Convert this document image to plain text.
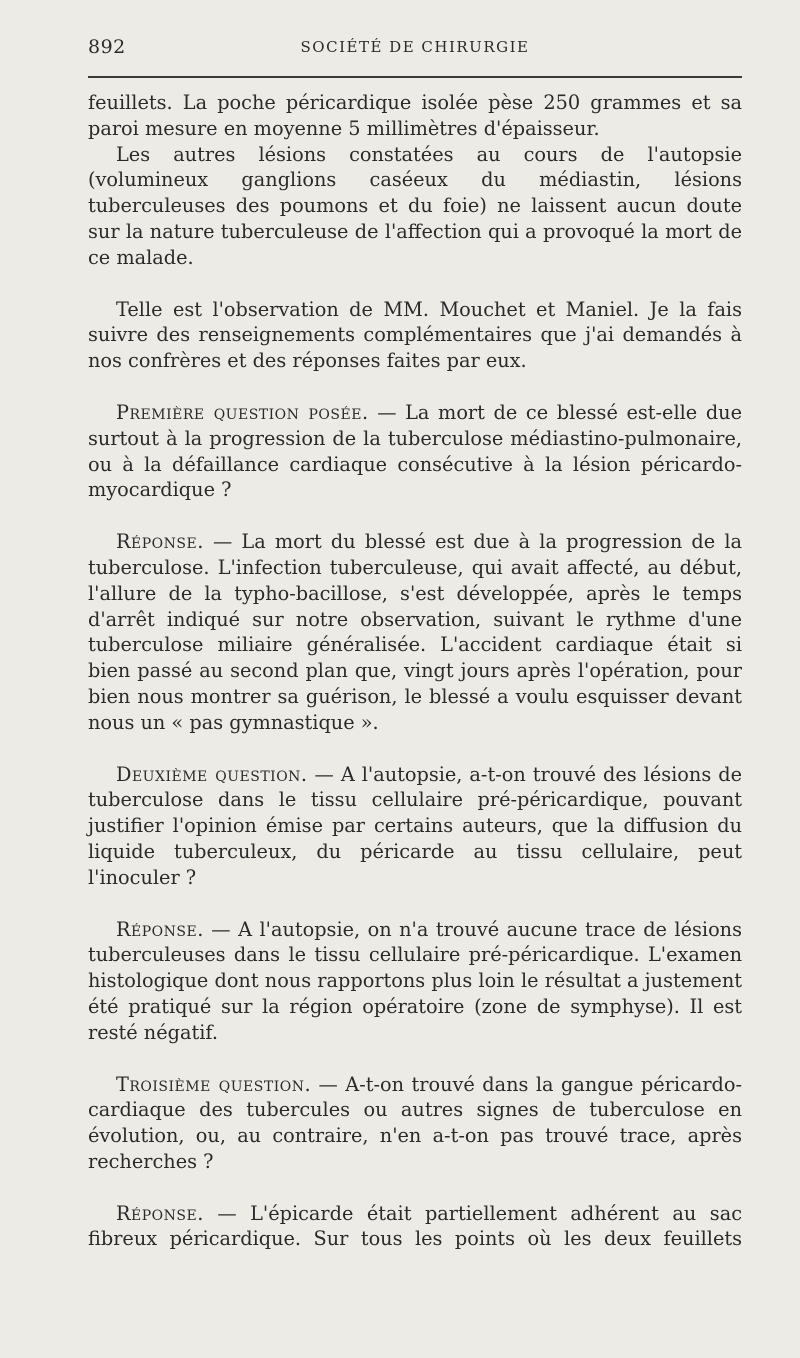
892	SOCIÉTÉ DE CHIRURGIE

feuillets. La poche péricardique isolée pèse 250 grammes et sa paroi mesure en moyenne 5 millimètres d'épaisseur.

Les autres lésions constatées au cours de l'autopsie (volumineux ganglions caséeux du médiastin, lésions tuberculeuses des poumons et du foie) ne laissent aucun doute sur la nature tuberculeuse de l'affection qui a provoqué la mort de ce malade.

Telle est l'observation de MM. Mouchet et Maniel. Je la fais suivre des renseignements complémentaires que j'ai demandés à nos confrères et des réponses faites par eux.

Première question posée. — La mort de ce blessé est-elle due surtout à la progression de la tuberculose médiastino-pulmonaire, ou à la défaillance cardiaque consécutive à la lésion péricardo-myocardique ?

Réponse. — La mort du blessé est due à la progression de la tuberculose. L'infection tuberculeuse, qui avait affecté, au début, l'allure de la typho-bacillose, s'est développée, après le temps d'arrêt indiqué sur notre observation, suivant le rythme d'une tuberculose miliaire généralisée. L'accident cardiaque était si bien passé au second plan que, vingt jours après l'opération, pour bien nous montrer sa guérison, le blessé a voulu esquisser devant nous un « pas gymnastique ».

Deuxième question. — A l'autopsie, a-t-on trouvé des lésions de tuberculose dans le tissu cellulaire pré-péricardique, pouvant justifier l'opinion émise par certains auteurs, que la diffusion du liquide tuberculeux, du péricarde au tissu cellulaire, peut l'inoculer ?

Réponse. — A l'autopsie, on n'a trouvé aucune trace de lésions tuberculeuses dans le tissu cellulaire pré-péricardique. L'examen histologique dont nous rapportons plus loin le résultat a justement été pratiqué sur la région opératoire (zone de symphyse). Il est resté négatif.

Troisième question. — A-t-on trouvé dans la gangue péricardo-cardiaque des tubercules ou autres signes de tuberculose en évolution, ou, au contraire, n'en a-t-on pas trouvé trace, après recherches ?

Réponse. — L'épicarde était partiellement adhérent au sac fibreux péricardique. Sur tous les points où les deux feuillets
